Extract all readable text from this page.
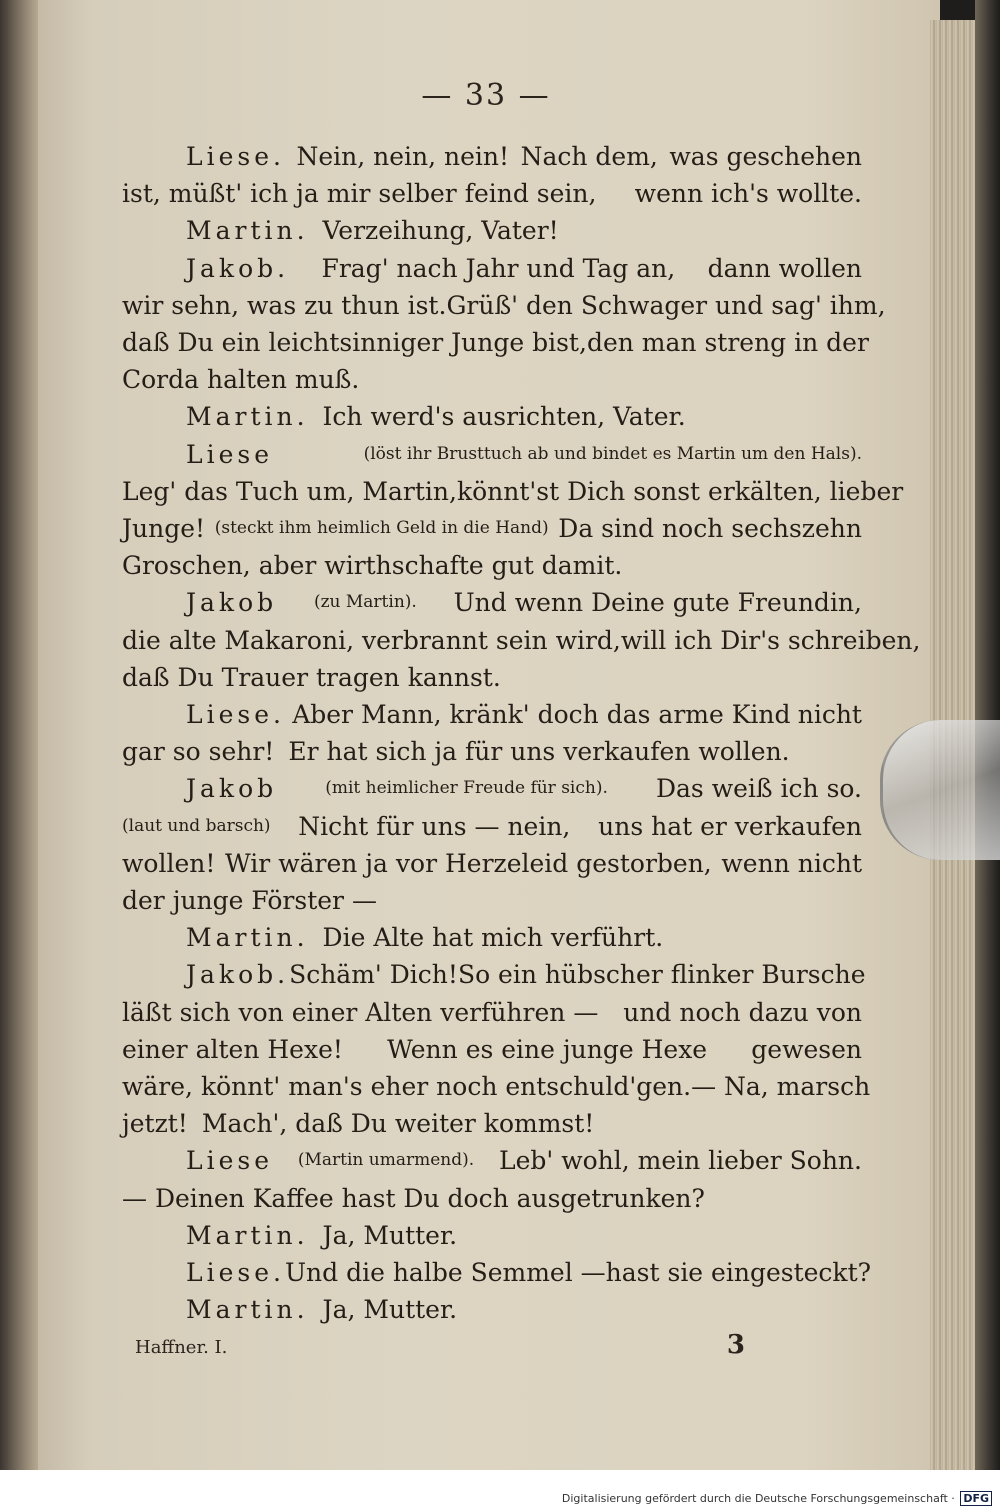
— 33 —
Liese. Nein, nein, nein! Nach dem, was geschehen
ist, müßt' ich ja mir selber feind sein, wenn ich's wollte.
Martin. Verzeihung, Vater!
Jakob. Frag' nach Jahr und Tag an, dann wollen
wir sehn, was zu thun ist. Grüß' den Schwager und sag' ihm,
daß Du ein leichtsinniger Junge bist, den man streng in der
Corda halten muß.
Martin. Ich werd's ausrichten, Vater.
Liese	(löst ihr Brusttuch ab und bindet es Martin um den Hals).
Leg' das Tuch um, Martin, könnt'st Dich sonst erkälten, lieber
Junge! (steckt ihm heimlich Geld in die Hand) Da sind noch sechszehn
Groschen, aber wirthschafte gut damit.
Jakob (zu Martin). Und wenn Deine gute Freundin,
die alte Makaroni, verbrannt sein wird, will ich Dir's schreiben,
daß Du Trauer tragen kannst.
Liese. Aber Mann, kränk' doch das arme Kind nicht
gar so sehr! Er hat sich ja für uns verkaufen wollen.
Jakob	(mit heimlicher Freude für sich). Das weiß ich so.
(laut und barsch) Nicht für uns — nein, uns hat er verkaufen
wollen! Wir wären ja vor Herzeleid gestorben, wenn nicht
der junge Förster —
Martin. Die Alte hat mich verführt.
Jakob. Schäm' Dich! So ein hübscher flinker Bursche
läßt sich von einer Alten verführen — und noch dazu von
einer alten Hexe! Wenn es eine junge Hexe gewesen
wäre, könnt' man's eher noch entschuld'gen. — Na, marsch
jetzt! Mach', daß Du weiter kommst!
Liese (Martin umarmend). Leb' wohl, mein lieber Sohn.
— Deinen Kaffee hast Du doch ausgetrunken?
Martin. Ja, Mutter.
Liese. Und die halbe Semmel — hast sie eingesteckt?
Martin. Ja, Mutter.
Haffner. I.	3
Digitalisierung gefördert durch die Deutsche Forschungsgemeinschaft · DFG
